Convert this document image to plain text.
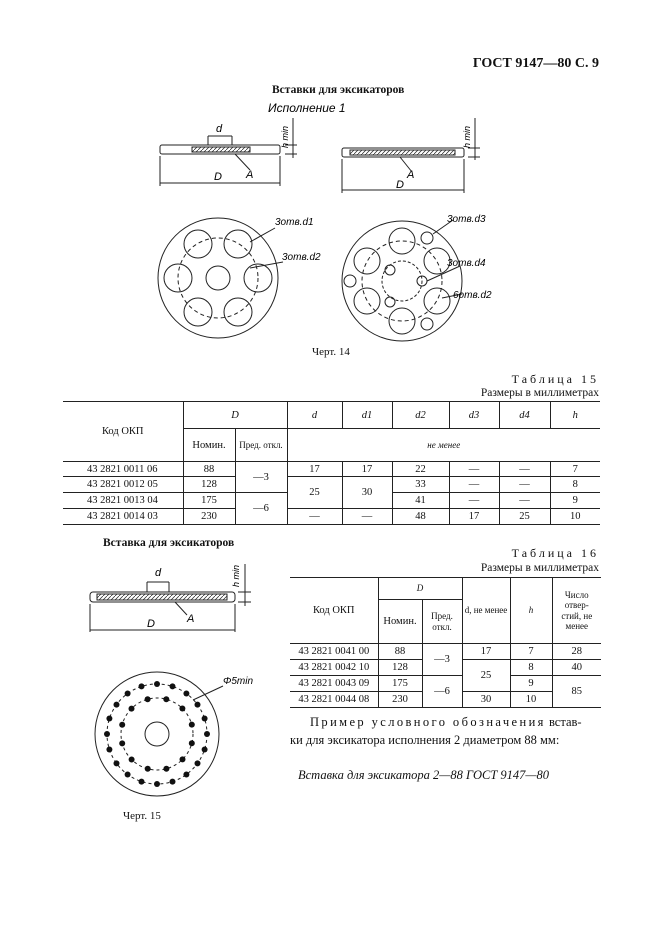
ГОСТ 9147—80 С. 9
Вставки для эксикаторов
Исполнение 1
d
A
D
h min
A
D
h min
3отв.d1
3отв.d2
3отв.d3
3отв.d4
6отв.d2
Черт. 14
Таблица 15
Размеры в миллиметрах
Код ОКП	D		d	d1	d2	d3	d4	h
	Номин.	Пред. откл.	не менее					
43 2821 0011 06	88	—3	17	17	22	—	—	7
43 2821 0012 05	128		25	30	33	—	—	8
43 2821 0013 04	175	—6			41	—	—	9
43 2821 0014 03	230		—	—	48	17	25	10
Вставка для эксикаторов
d
A
D
h min
Φ5min
Черт. 15
Таблица 16
Размеры в миллиметрах
Код ОКП	D		d, не менее	h	Число отвер- стий, не менее
	Номин.	Пред. откл.			
43 2821 0041 00	88	—3	17	7	28
43 2821 0042 10	128		25	8	40
43 2821 0043 09	175	—6		9	85
43 2821 0044 08	230		30	10	
Пример условного обозначения встав-
ки для эксикатора исполнения 2 диаметром 88 мм:
Вставка для эксикатора 2—88 ГОСТ 9147—80
